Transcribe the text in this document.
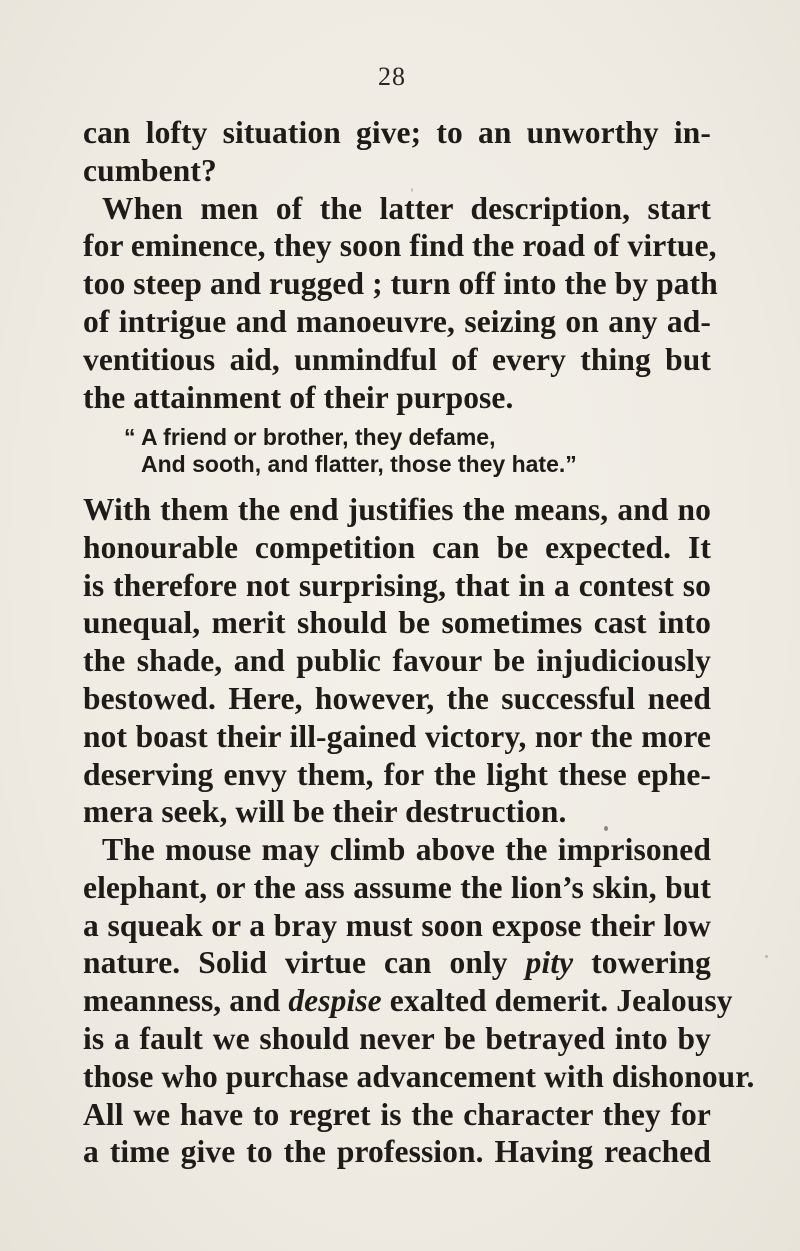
28
can lofty situation give; to an unworthy in-
cumbent?
When men of the latter description, start
for eminence, they soon find the road of virtue,
too steep and rugged ; turn off into the by path
of intrigue and manoeuvre, seizing on any ad-
ventitious aid, unmindful of every thing but
the attainment of their purpose.
“ A friend or brother, they defame,
And sooth, and flatter, those they hate.”
With them the end justifies the means, and no
honourable competition can be expected. It
is therefore not surprising, that in a contest so
unequal, merit should be sometimes cast into
the shade, and public favour be injudiciously
bestowed. Here, however, the successful need
not boast their ill-gained victory, nor the more
deserving envy them, for the light these ephe-
mera seek, will be their destruction.
The mouse may climb above the imprisoned
elephant, or the ass assume the lion’s skin, but
a squeak or a bray must soon expose their low
nature. Solid virtue can only pity towering
meanness, and despise exalted demerit. Jealousy
is a fault we should never be betrayed into by
those who purchase advancement with dishonour.
All we have to regret is the character they for
a time give to the profession. Having reached
